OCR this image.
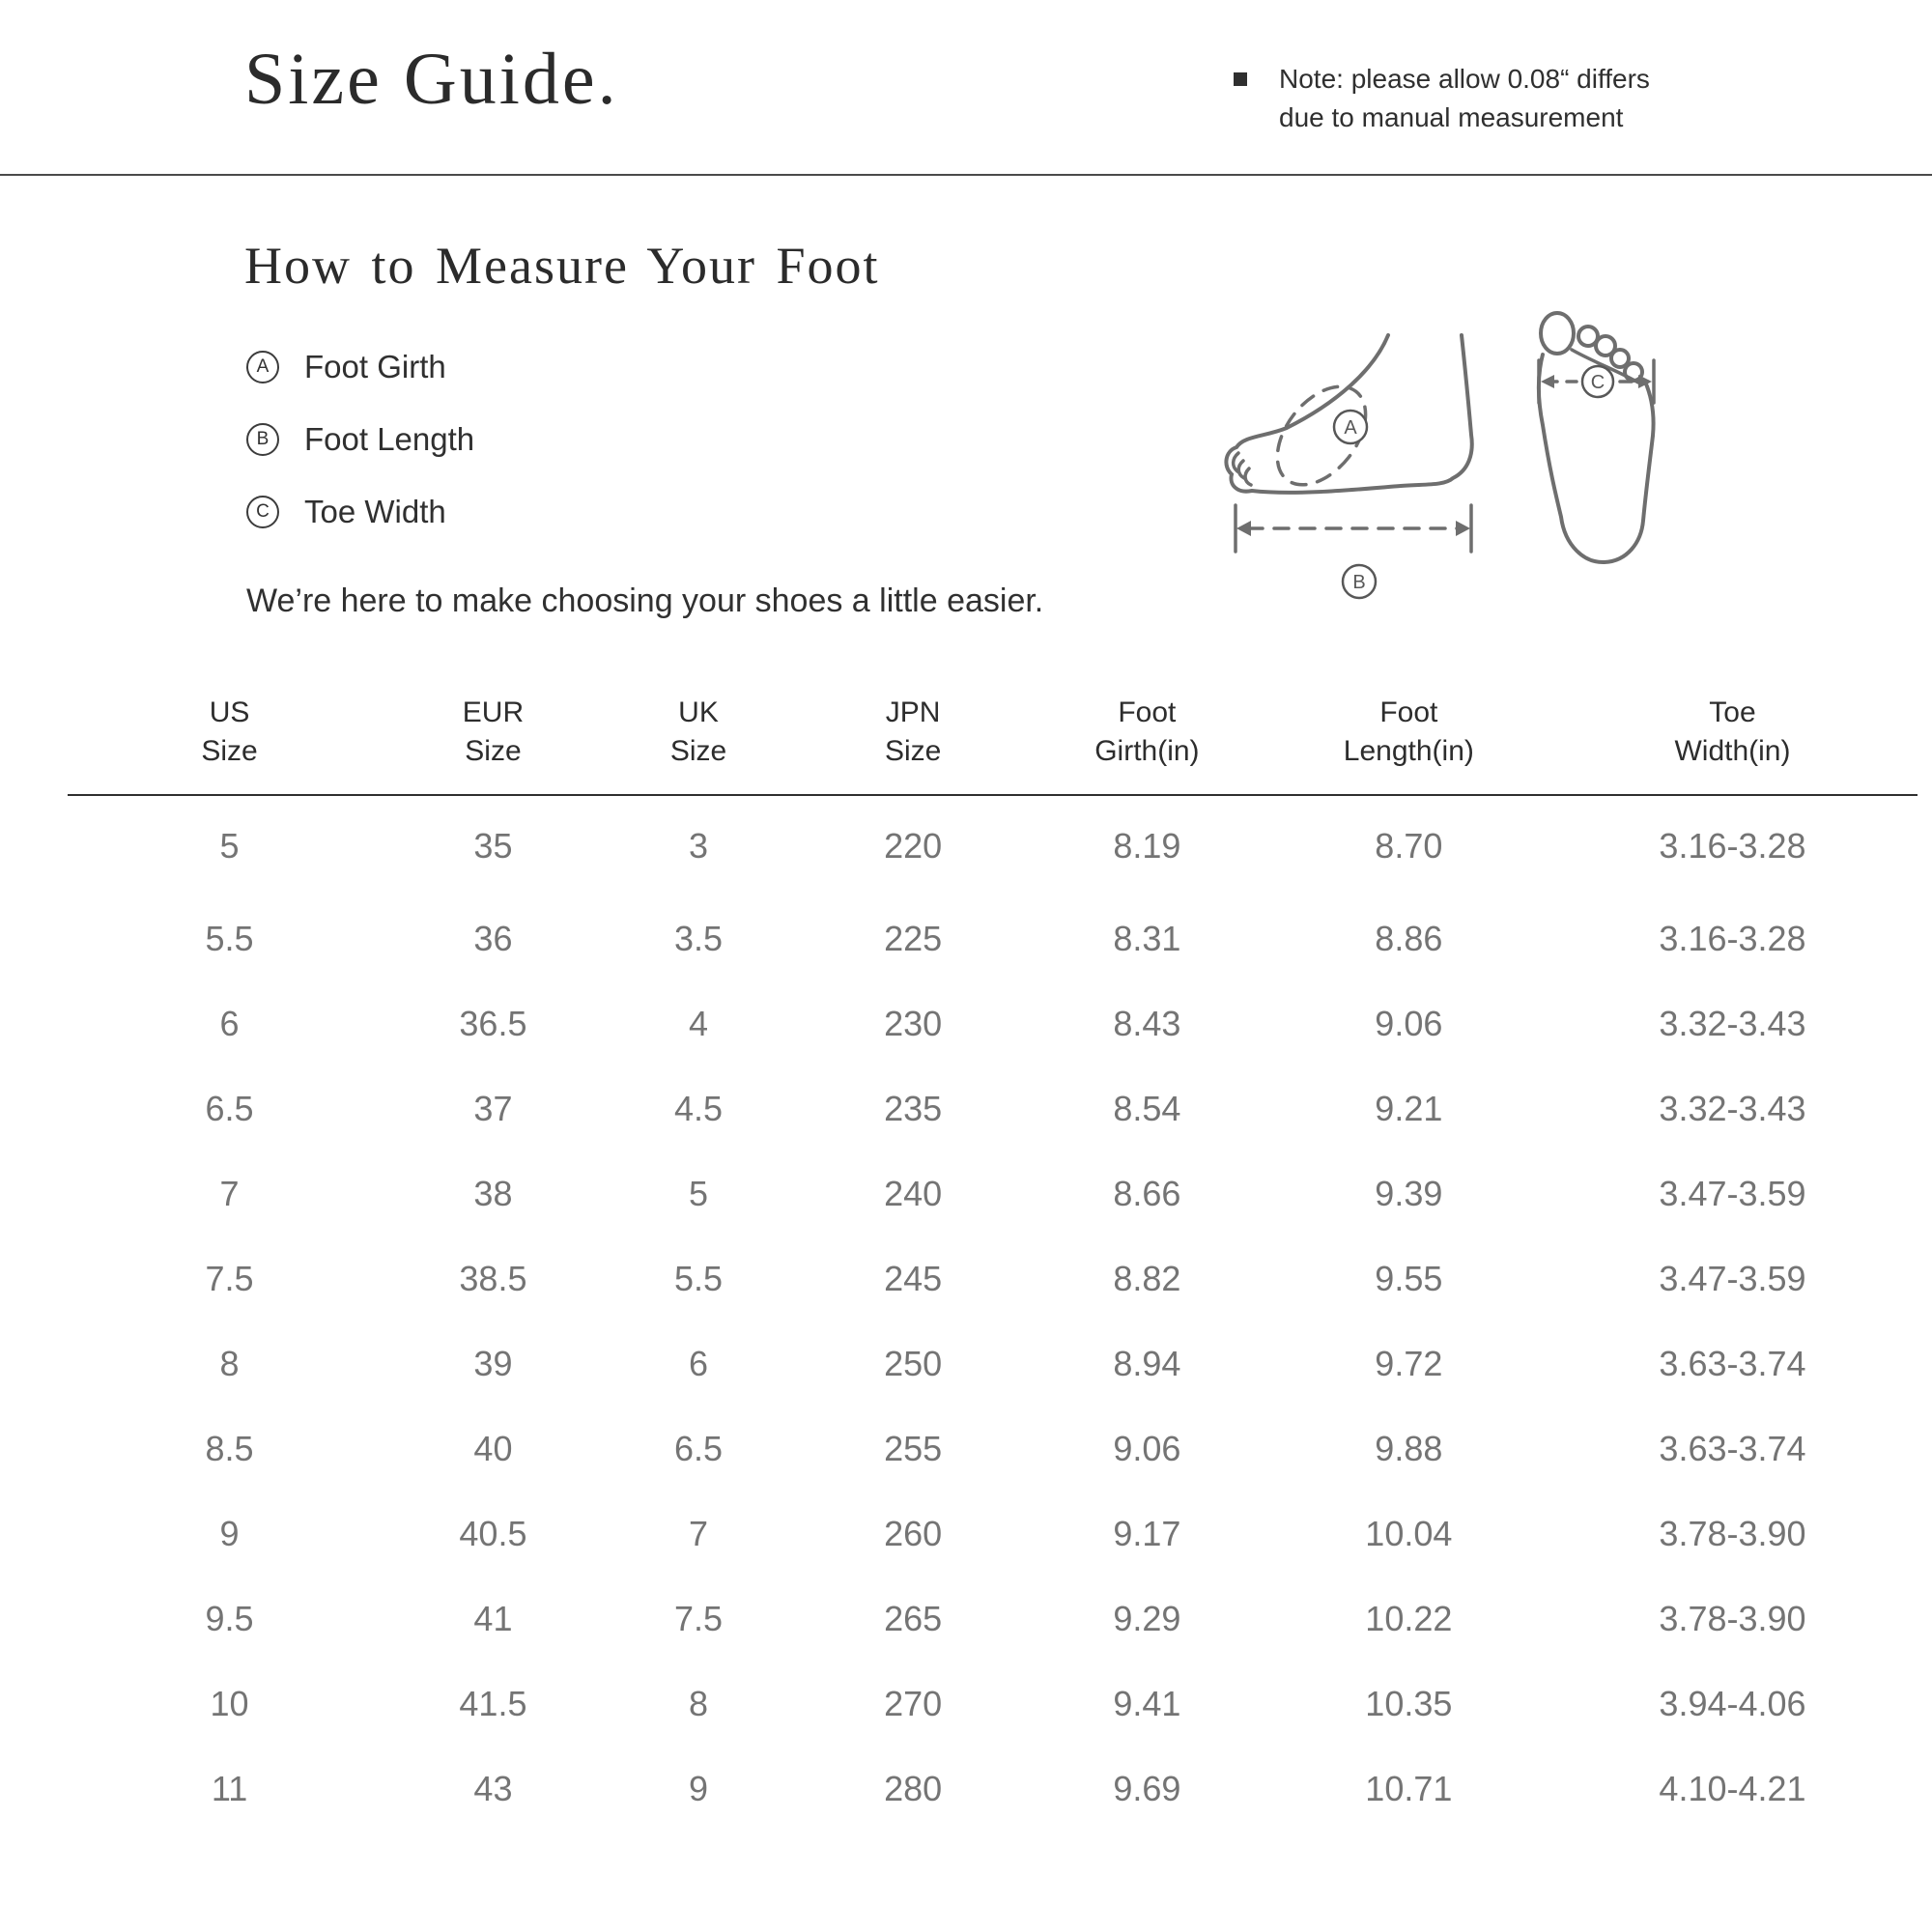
Size Guide.	Note: please allow 0.08“ differs
due to manual measurement
How to Measure Your Foot
A	Foot Girth
B	Foot Length
C	Toe Width
We’re here to make choosing your shoes a little easier.
A
B
C
US
Size

EUR
Size

UK
Size

JPN
Size

Foot
Girth(in)

Foot
Length(in)

Toe
Width(in)

5	35	3	220	8.19	8.70	3.16-3.28
5.5	36	3.5	225	8.31	8.86	3.16-3.28
6	36.5	4	230	8.43	9.06	3.32-3.43
6.5	37	4.5	235	8.54	9.21	3.32-3.43
7	38	5	240	8.66	9.39	3.47-3.59
7.5	38.5	5.5	245	8.82	9.55	3.47-3.59
8	39	6	250	8.94	9.72	3.63-3.74
8.5	40	6.5	255	9.06	9.88	3.63-3.74
9	40.5	7	260	9.17	10.04	3.78-3.90
9.5	41	7.5	265	9.29	10.22	3.78-3.90
10	41.5	8	270	9.41	10.35	3.94-4.06
11	43	9	280	9.69	10.71	4.10-4.21
